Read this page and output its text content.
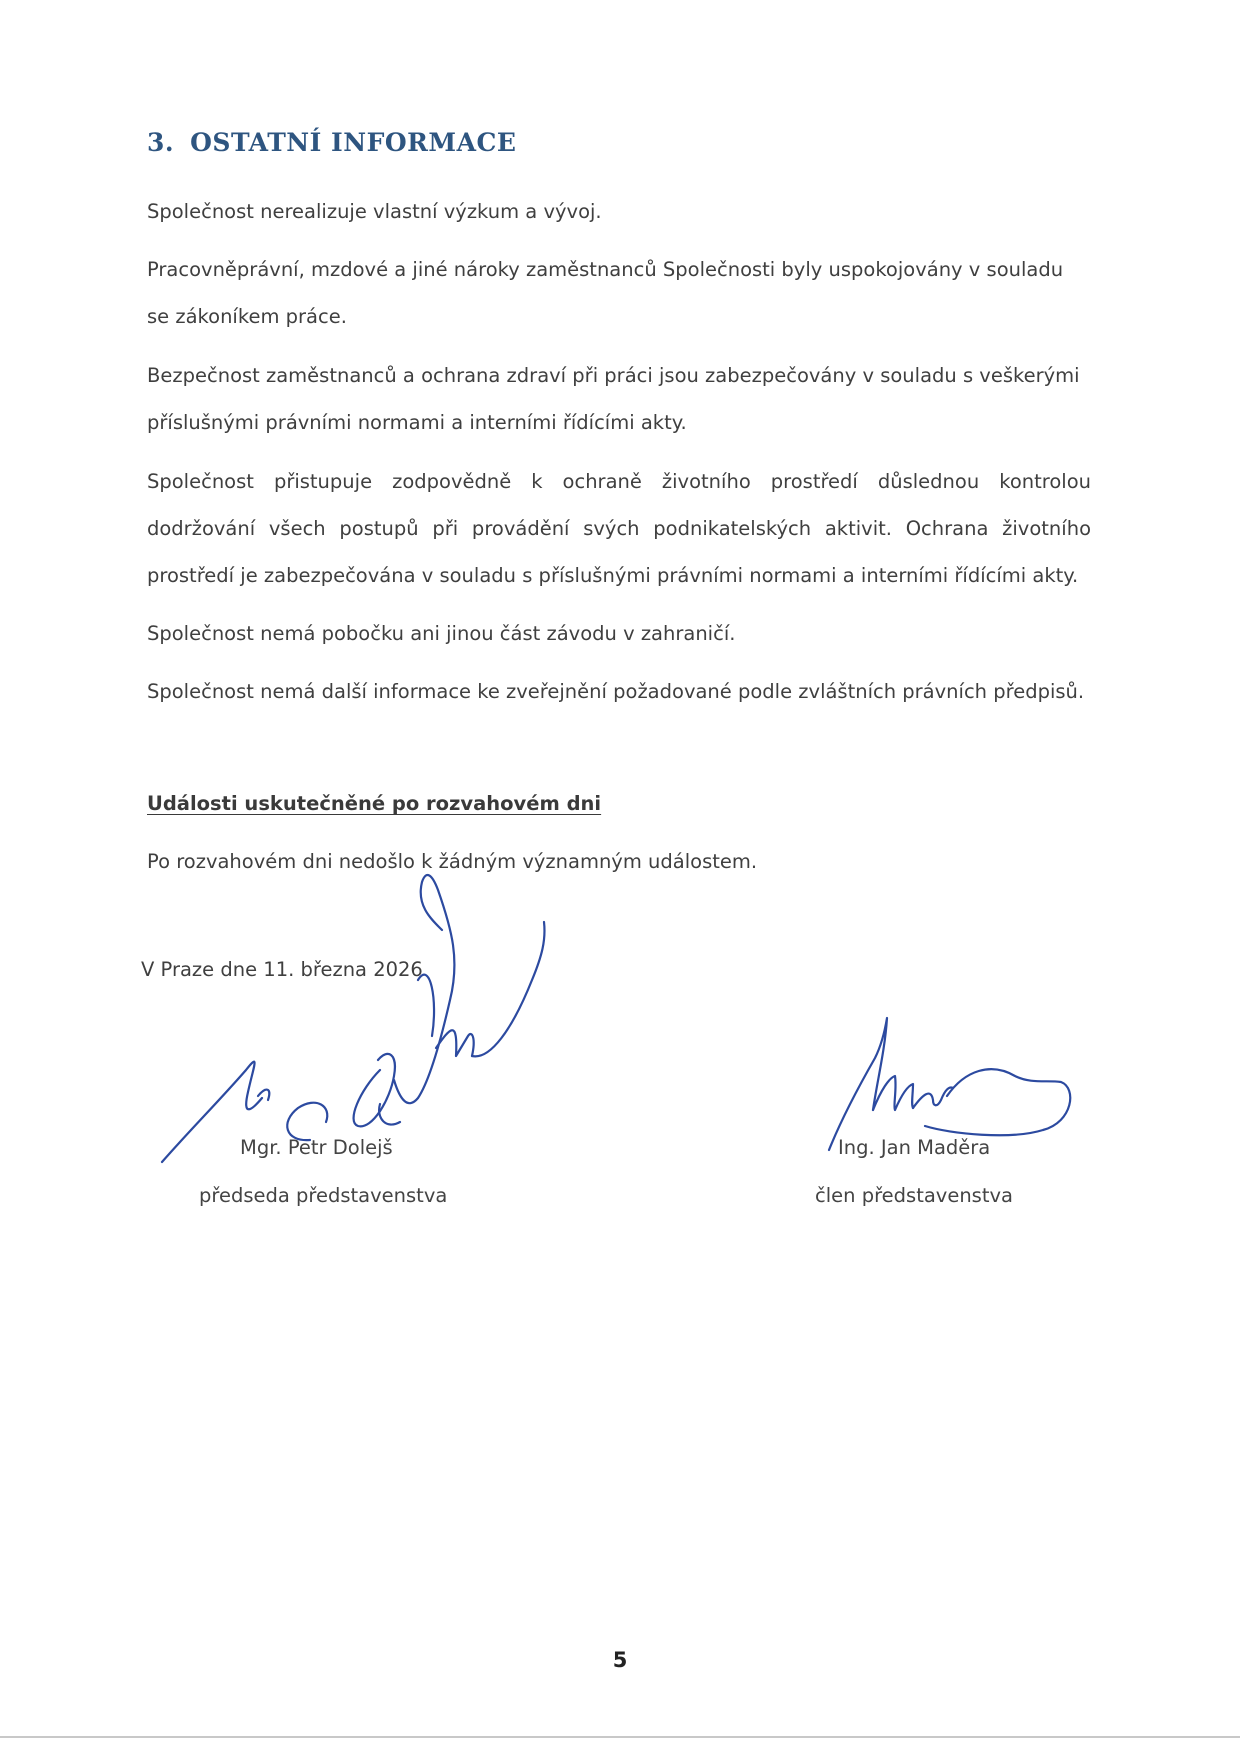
3. OSTATNÍ INFORMACE

Společnost nerealizuje vlastní výzkum a vývoj.

Pracovněprávní, mzdové a jiné nároky zaměstnanců Společnosti byly uspokojovány v souladu se zákoníkem práce.

Bezpečnost zaměstnanců a ochrana zdraví při práci jsou zabezpečovány v souladu s veškerými příslušnými právními normami a interními řídícími akty.

Společnost přistupuje zodpovědně k ochraně životního prostředí důslednou kontrolou dodržování všech postupů při provádění svých podnikatelských aktivit. Ochrana životního prostředí je zabezpečována v souladu s příslušnými právními normami a interními řídícími akty.

Společnost nemá pobočku ani jinou část závodu v zahraničí.

Společnost nemá další informace ke zveřejnění požadované podle zvláštních právních předpisů.

Události uskutečněné po rozvahovém dni

Po rozvahovém dni nedošlo k žádným významným událostem.

V Praze dne 11. března 2026

Mgr. Petr Dolejš
předseda představenstva
Ing. Jan Maděra
člen představenstva
5
